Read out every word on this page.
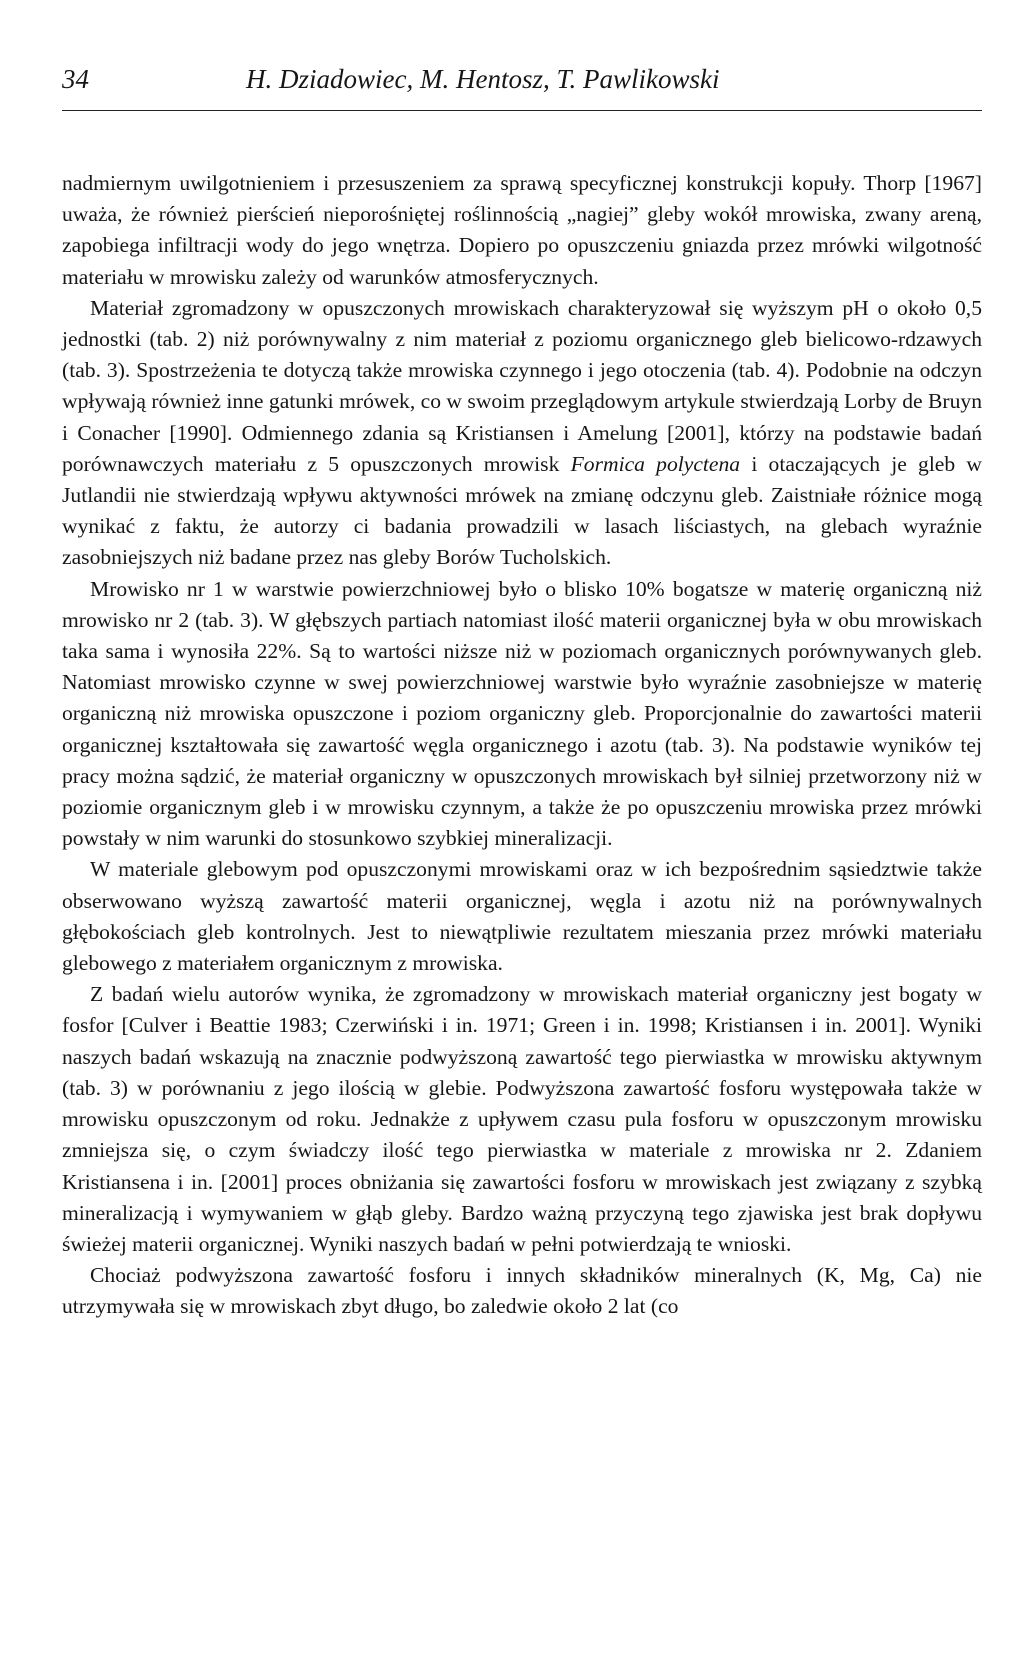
34	H. Dziadowiec, M. Hentosz, T. Pawlikowski

nadmiernym uwilgotnieniem i przesuszeniem za sprawą specyficznej konstrukcji kopuły. Thorp [1967] uważa, że również pierścień nieporośniętej roślinnością „nagiej” gleby wokół mrowiska, zwany areną, zapobiega infiltracji wody do jego wnętrza. Dopiero po opuszczeniu gniazda przez mrówki wilgotność materiału w mrowisku zależy od warunków atmosferycznych.

Materiał zgromadzony w opuszczonych mrowiskach charakteryzował się wyższym pH o około 0,5 jednostki (tab. 2) niż porównywalny z nim materiał z poziomu organicznego gleb bielicowo-rdzawych (tab. 3). Spostrzeżenia te dotyczą także mrowiska czynnego i jego otoczenia (tab. 4). Podobnie na odczyn wpływają również inne gatunki mrówek, co w swoim przeglądowym artykule stwierdzają Lorby de Bruyn i Conacher [1990]. Odmiennego zdania są Kristiansen i Amelung [2001], którzy na podstawie badań porównawczych materiału z 5 opuszczonych mrowisk Formica polyctena i otaczających je gleb w Jutlandii nie stwierdzają wpływu aktywności mrówek na zmianę odczynu gleb. Zaistniałe różnice mogą wynikać z faktu, że autorzy ci badania prowadzili w lasach liściastych, na glebach wyraźnie zasobniejszych niż badane przez nas gleby Borów Tucholskich.

Mrowisko nr 1 w warstwie powierzchniowej było o blisko 10% bogatsze w materię organiczną niż mrowisko nr 2 (tab. 3). W głębszych partiach natomiast ilość materii organicznej była w obu mrowiskach taka sama i wynosiła 22%. Są to wartości niższe niż w poziomach organicznych porównywanych gleb. Natomiast mrowisko czynne w swej powierzchniowej warstwie było wyraźnie zasobniejsze w materię organiczną niż mrowiska opuszczone i poziom organiczny gleb. Proporcjonalnie do zawartości materii organicznej kształtowała się zawartość węgla organicznego i azotu (tab. 3). Na podstawie wyników tej pracy można sądzić, że materiał organiczny w opuszczonych mrowiskach był silniej przetworzony niż w poziomie organicznym gleb i w mrowisku czynnym, a także że po opuszczeniu mrowiska przez mrówki powstały w nim warunki do stosunkowo szybkiej mineralizacji.

W materiale glebowym pod opuszczonymi mrowiskami oraz w ich bezpośrednim sąsiedztwie także obserwowano wyższą zawartość materii organicznej, węgla i azotu niż na porównywalnych głębokościach gleb kontrolnych. Jest to niewątpliwie rezultatem mieszania przez mrówki materiału glebowego z materiałem organicznym z mrowiska.

Z badań wielu autorów wynika, że zgromadzony w mrowiskach materiał organiczny jest bogaty w fosfor [Culver i Beattie 1983; Czerwiński i in. 1971; Green i in. 1998; Kristiansen i in. 2001]. Wyniki naszych badań wskazują na znacznie podwyższoną zawartość tego pierwiastka w mrowisku aktywnym (tab. 3) w porównaniu z jego ilością w glebie. Podwyższona zawartość fosforu występowała także w mrowisku opuszczonym od roku. Jednakże z upływem czasu pula fosforu w opuszczonym mrowisku zmniejsza się, o czym świadczy ilość tego pierwiastka w materiale z mrowiska nr 2. Zdaniem Kristiansena i in. [2001] proces obniżania się zawartości fosforu w mrowiskach jest związany z szybką mineralizacją i wymywaniem w głąb gleby. Bardzo ważną przyczyną tego zjawiska jest brak dopływu świeżej materii organicznej. Wyniki naszych badań w pełni potwierdzają te wnioski.

Chociaż podwyższona zawartość fosforu i innych składników mineralnych (K, Mg, Ca) nie utrzymywała się w mrowiskach zbyt długo, bo zaledwie około 2 lat (co
